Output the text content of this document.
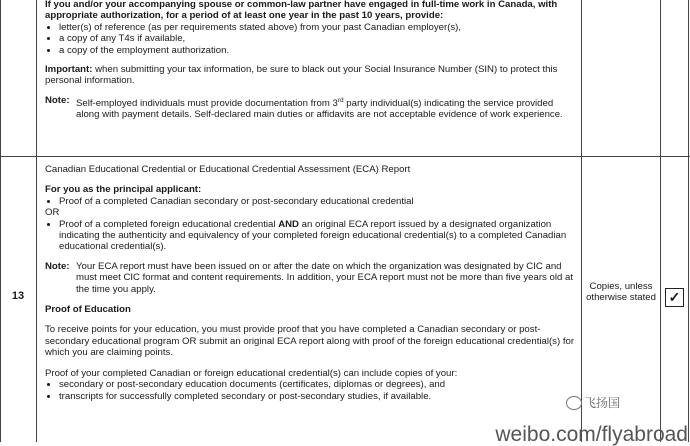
If you and/or your accompanying spouse or common-law partner have engaged in full-time work in Canada, with appropriate authorization, for a period of at least one year in the past 10 years, provide:

• letter(s) of reference (as per requirements stated above) from your past Canadian employer(s),
• a copy of any T4s if available,
• a copy of the employment authorization.

Important: when submitting your tax information, be sure to black out your Social Insurance Number (SIN) to protect this personal information.

Note: Self-employed individuals must provide documentation from 3rd party individual(s) indicating the service provided along with payment details. Self-declared main duties or affidavits are not acceptable evidence of work experience.
13

Canadian Educational Credential or Educational Credential Assessment (ECA) Report

For you as the principal applicant:

• Proof of a completed Canadian secondary or post-secondary educational credential

OR

• Proof of a completed foreign educational credential AND an original ECA report issued by a designated organization indicating the authenticity and equivalency of your completed foreign educational credential(s) to a completed Canadian educational credential(s).
Note: Your ECA report must have been issued on or after the date on which the organization was designated by CIC and must meet CIC format and content requirements. In addition, your ECA report must not be more than five years old at the time you apply.

Proof of Education

To receive points for your education, you must provide proof that you have completed a Canadian secondary or post-secondary educational program OR submit an original ECA report along with proof of the foreign educational credential(s) for which you are claiming points.

Proof of your completed Canadian or foreign educational credential(s) can include copies of your:

• secondary or post-secondary education documents (certificates, diplomas or degrees), and
• transcripts for successfully completed secondary or post-secondary studies, if available.
Copies, unless otherwise stated ✓
飞扬国
weibo.com/flyabroad
